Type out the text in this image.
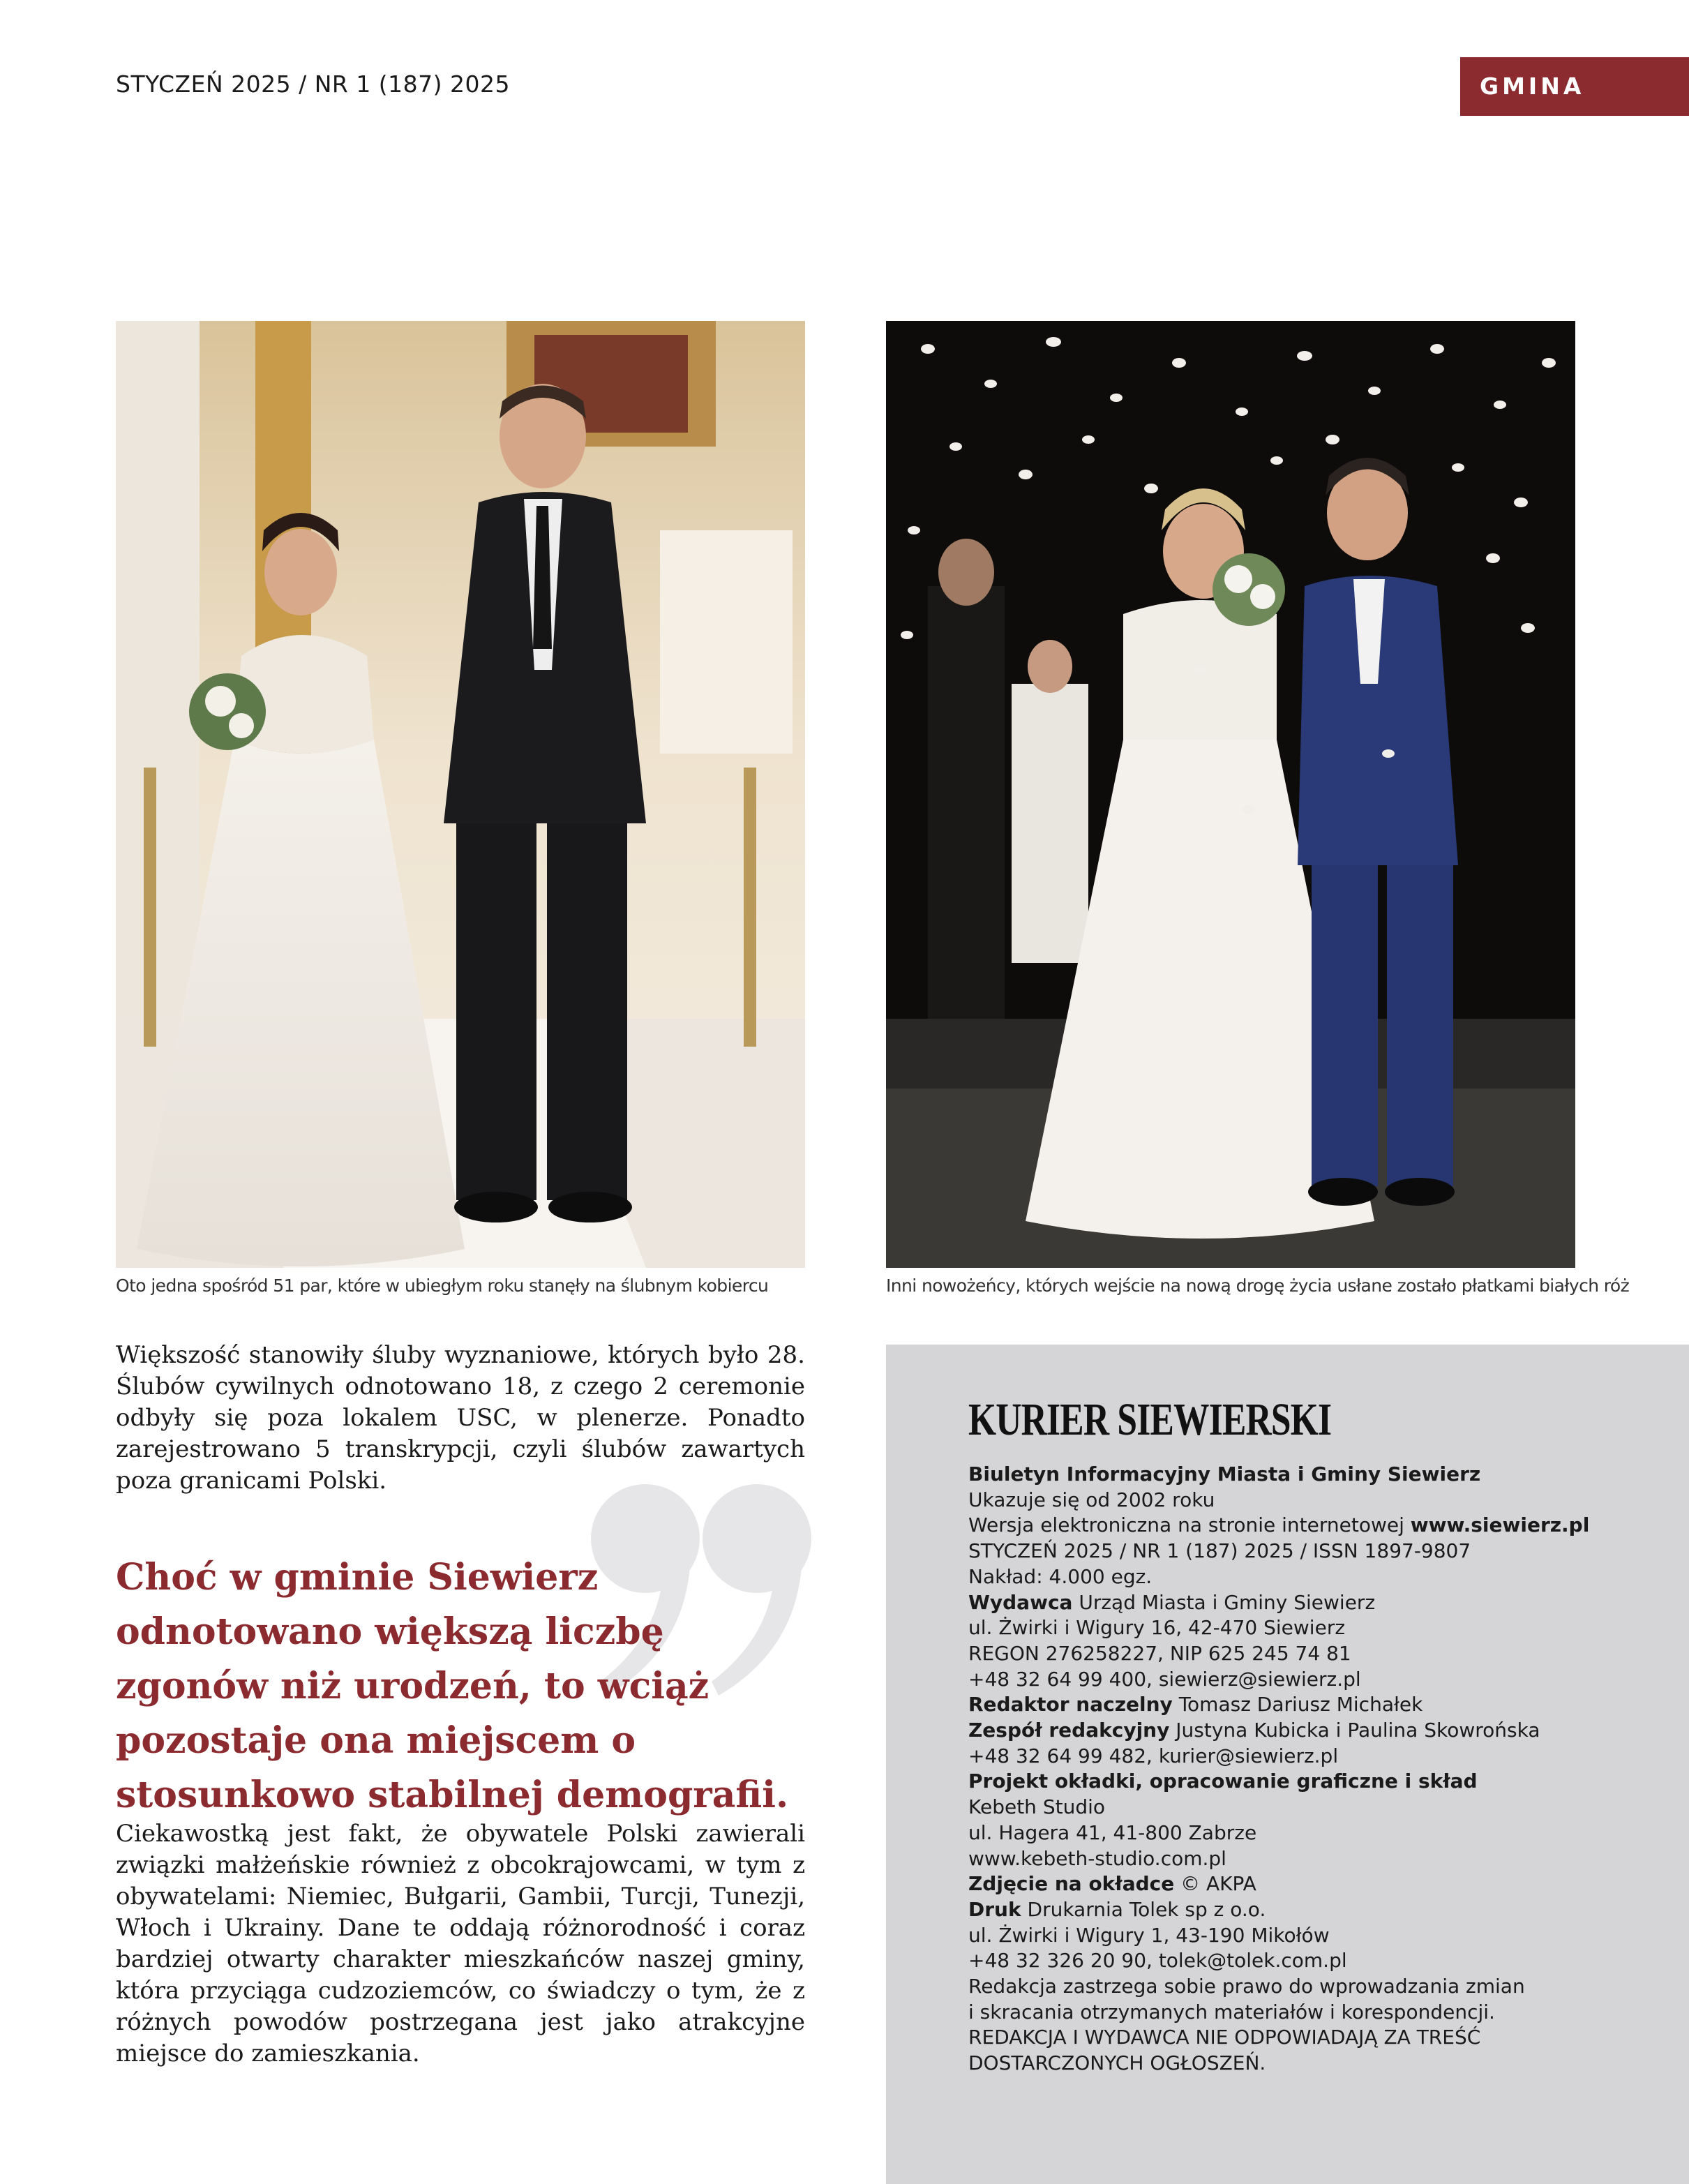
STYCZEŃ 2025 / NR 1 (187) 2025	GMINA
Oto jedna spośród 51 par, które w ubiegłym roku stanęły na ślubnym kobiercu	Inni nowożeńcy, których wejście na nową drogę życia usłane zostało płatkami białych róż

Większość stanowiły śluby wyznaniowe, których było 28. Ślubów cywilnych odnotowano 18, z czego 2 ceremonie odbyły się poza lokalem USC, w plenerze. Ponadto zarejestrowano 5 transkrypcji, czyli ślubów zawartych poza granicami Polski.

Choć w gminie Siewierz odnotowano większą liczbę zgonów niż urodzeń, to wciąż pozostaje ona miejscem o stosunkowo stabilnej demografii.

Ciekawostką jest fakt, że obywatele Polski zawierali związki małżeńskie również z obcokrajowcami, w tym z obywatelami: Niemiec, Bułgarii, Gambii, Turcji, Tunezji, Włoch i Ukrainy. Dane te oddają różnorodność i coraz bardziej otwarty charakter mieszkańców naszej gminy, która przyciąga cudzoziemców, co świadczy o tym, że z różnych powodów postrzegana jest jako atrakcyjne miejsce do zamieszkania.

KURIER SIEWIERSKI
Biuletyn Informacyjny Miasta i Gminy Siewierz
Ukazuje się od 2002 roku
Wersja elektroniczna na stronie internetowej www.siewierz.pl
STYCZEŃ 2025 / NR 1 (187) 2025 / ISSN 1897-9807
Nakład: 4.000 egz.
Wydawca Urząd Miasta i Gminy Siewierz
ul. Żwirki i Wigury 16, 42-470 Siewierz
REGON 276258227, NIP 625 245 74 81
+48 32 64 99 400, siewierz@siewierz.pl
Redaktor naczelny Tomasz Dariusz Michałek
Zespół redakcyjny Justyna Kubicka i Paulina Skowrońska
+48 32 64 99 482, kurier@siewierz.pl
Projekt okładki, opracowanie graficzne i skład
Kebeth Studio
ul. Hagera 41, 41-800 Zabrze
www.kebeth-studio.com.pl
Zdjęcie na okładce © AKPA
Druk Drukarnia Tolek sp z o.o.
ul. Żwirki i Wigury 1, 43-190 Mikołów
+48 32 326 20 90, tolek@tolek.com.pl
Redakcja zastrzega sobie prawo do wprowadzania zmian
i skracania otrzymanych materiałów i korespondencji.
REDAKCJA I WYDAWCA NIE ODPOWIADAJĄ ZA TREŚĆ
DOSTARCZONYCH OGŁOSZEŃ.
